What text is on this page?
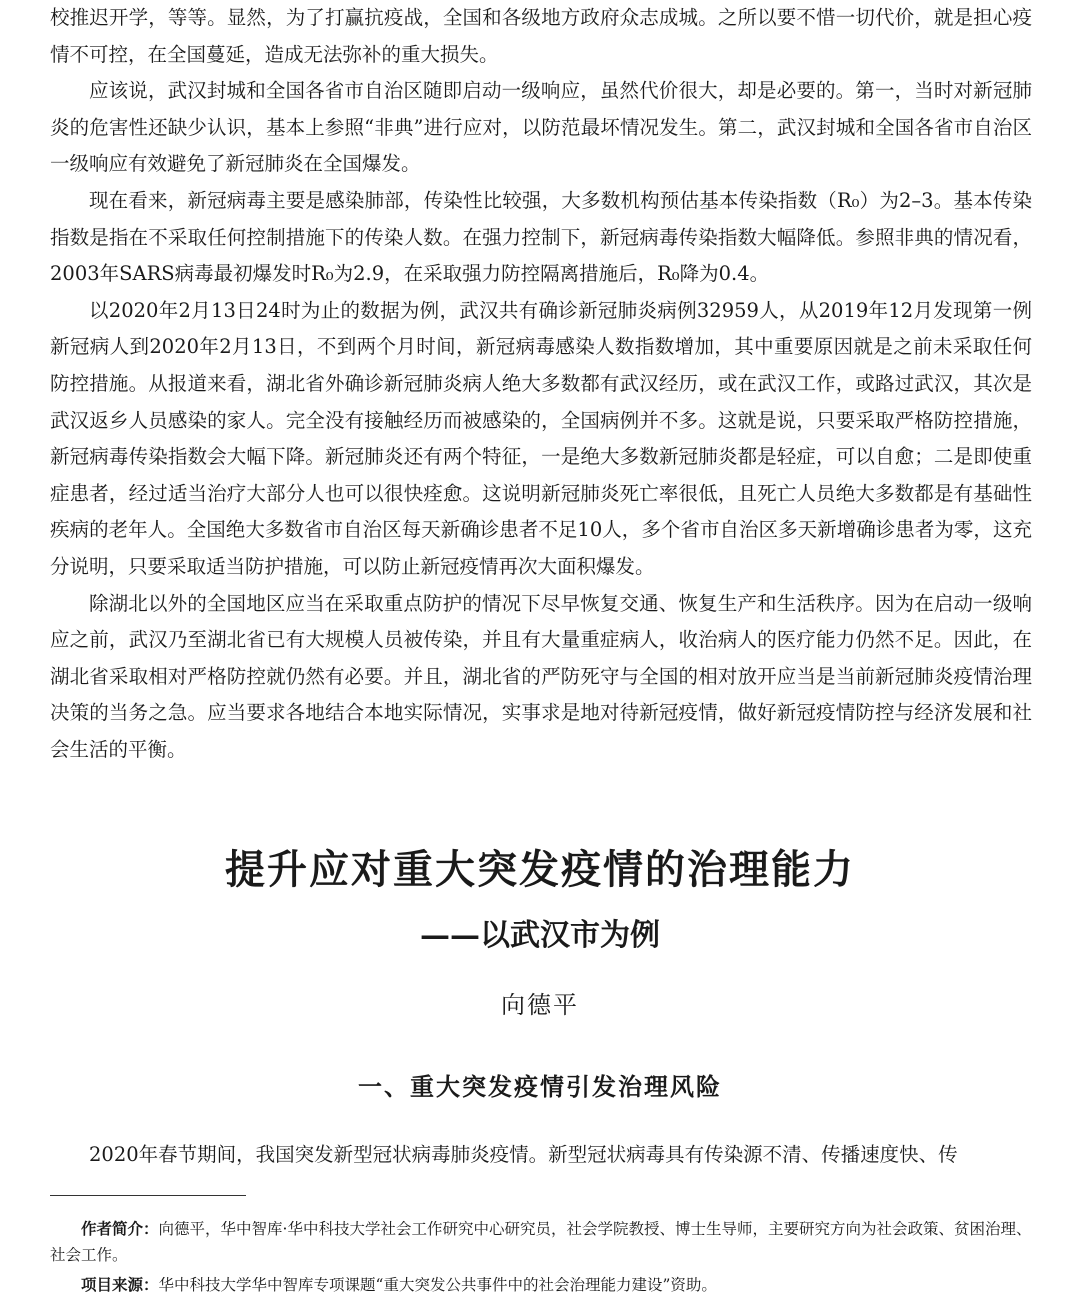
校推迟开学，等等。显然，为了打赢抗疫战，全国和各级地方政府众志成城。之所以要不惜一切代价，就是担心疫情不可控，在全国蔓延，造成无法弥补的重大损失。

应该说，武汉封城和全国各省市自治区随即启动一级响应，虽然代价很大，却是必要的。第一，当时对新冠肺炎的危害性还缺少认识，基本上参照“非典”进行应对，以防范最坏情况发生。第二，武汉封城和全国各省市自治区一级响应有效避免了新冠肺炎在全国爆发。

现在看来，新冠病毒主要是感染肺部，传染性比较强，大多数机构预估基本传染指数（R₀）为2–3。基本传染指数是指在不采取任何控制措施下的传染人数。在强力控制下，新冠病毒传染指数大幅降低。参照非典的情况看，2003年SARS病毒最初爆发时R₀为2.9，在采取强力防控隔离措施后，R₀降为0.4。

以2020年2月13日24时为止的数据为例，武汉共有确诊新冠肺炎病例32959人，从2019年12月发现第一例新冠病人到2020年2月13日，不到两个月时间，新冠病毒感染人数指数增加，其中重要原因就是之前未采取任何防控措施。从报道来看，湖北省外确诊新冠肺炎病人绝大多数都有武汉经历，或在武汉工作，或路过武汉，其次是武汉返乡人员感染的家人。完全没有接触经历而被感染的，全国病例并不多。这就是说，只要采取严格防控措施，新冠病毒传染指数会大幅下降。新冠肺炎还有两个特征，一是绝大多数新冠肺炎都是轻症，可以自愈；二是即使重症患者，经过适当治疗大部分人也可以很快痊愈。这说明新冠肺炎死亡率很低，且死亡人员绝大多数都是有基础性疾病的老年人。全国绝大多数省市自治区每天新确诊患者不足10人，多个省市自治区多天新增确诊患者为零，这充分说明，只要采取适当防护措施，可以防止新冠疫情再次大面积爆发。

除湖北以外的全国地区应当在采取重点防护的情况下尽早恢复交通、恢复生产和生活秩序。因为在启动一级响应之前，武汉乃至湖北省已有大规模人员被传染，并且有大量重症病人，收治病人的医疗能力仍然不足。因此，在湖北省采取相对严格防控就仍然有必要。并且，湖北省的严防死守与全国的相对放开应当是当前新冠肺炎疫情治理决策的当务之急。应当要求各地结合本地实际情况，实事求是地对待新冠疫情，做好新冠疫情防控与经济发展和社会生活的平衡。

提升应对重大突发疫情的治理能力
——以武汉市为例
向德平
一、重大突发疫情引发治理风险

2020年春节期间，我国突发新型冠状病毒肺炎疫情。新型冠状病毒具有传染源不清、传播速度快、传

作者简介：向德平，华中智库·华中科技大学社会工作研究中心研究员，社会学院教授、博士生导师，主要研究方向为社会政策、贫困治理、社会工作。

项目来源：华中科技大学华中智库专项课题“重大突发公共事件中的社会治理能力建设”资助。
